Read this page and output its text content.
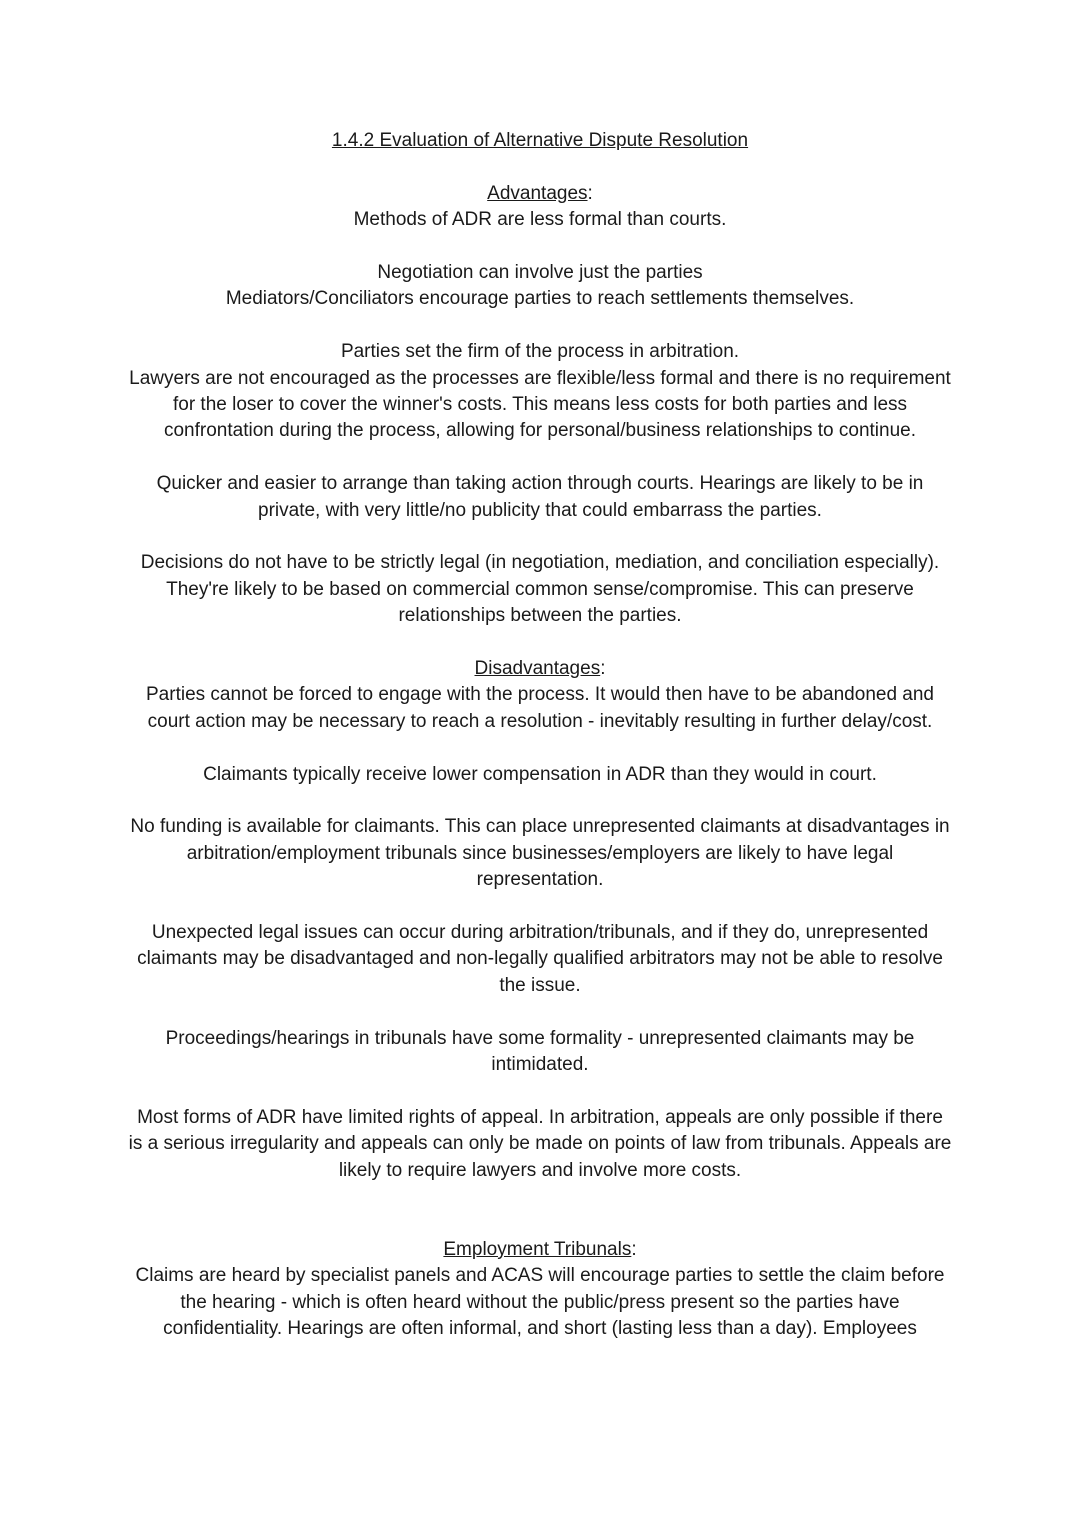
1.4.2 Evaluation of Alternative Dispute Resolution

Advantages:

Methods of ADR are less formal than courts.

Negotiation can involve just the parties
Mediators/Conciliators encourage parties to reach settlements themselves.

Parties set the firm of the process in arbitration.
Lawyers are not encouraged as the processes are flexible/less formal and there is no requirement for the loser to cover the winner's costs. This means less costs for both parties and less confrontation during the process, allowing for personal/business relationships to continue.

Quicker and easier to arrange than taking action through courts. Hearings are likely to be in private, with very little/no publicity that could embarrass the parties.

Decisions do not have to be strictly legal (in negotiation, mediation, and conciliation especially). They're likely to be based on commercial common sense/compromise. This can preserve relationships between the parties.

Disadvantages:

Parties cannot be forced to engage with the process. It would then have to be abandoned and court action may be necessary to reach a resolution - inevitably resulting in further delay/cost.

Claimants typically receive lower compensation in ADR than they would in court.

No funding is available for claimants. This can place unrepresented claimants at disadvantages in arbitration/employment tribunals since businesses/employers are likely to have legal representation.

Unexpected legal issues can occur during arbitration/tribunals, and if they do, unrepresented claimants may be disadvantaged and non-legally qualified arbitrators may not be able to resolve the issue.

Proceedings/hearings in tribunals have some formality - unrepresented claimants may be intimidated.

Most forms of ADR have limited rights of appeal. In arbitration, appeals are only possible if there is a serious irregularity and appeals can only be made on points of law from tribunals. Appeals are likely to require lawyers and involve more costs.

Employment Tribunals:

Claims are heard by specialist panels and ACAS will encourage parties to settle the claim before the hearing - which is often heard without the public/press present so the parties have confidentiality. Hearings are often informal, and short (lasting less than a day). Employees
